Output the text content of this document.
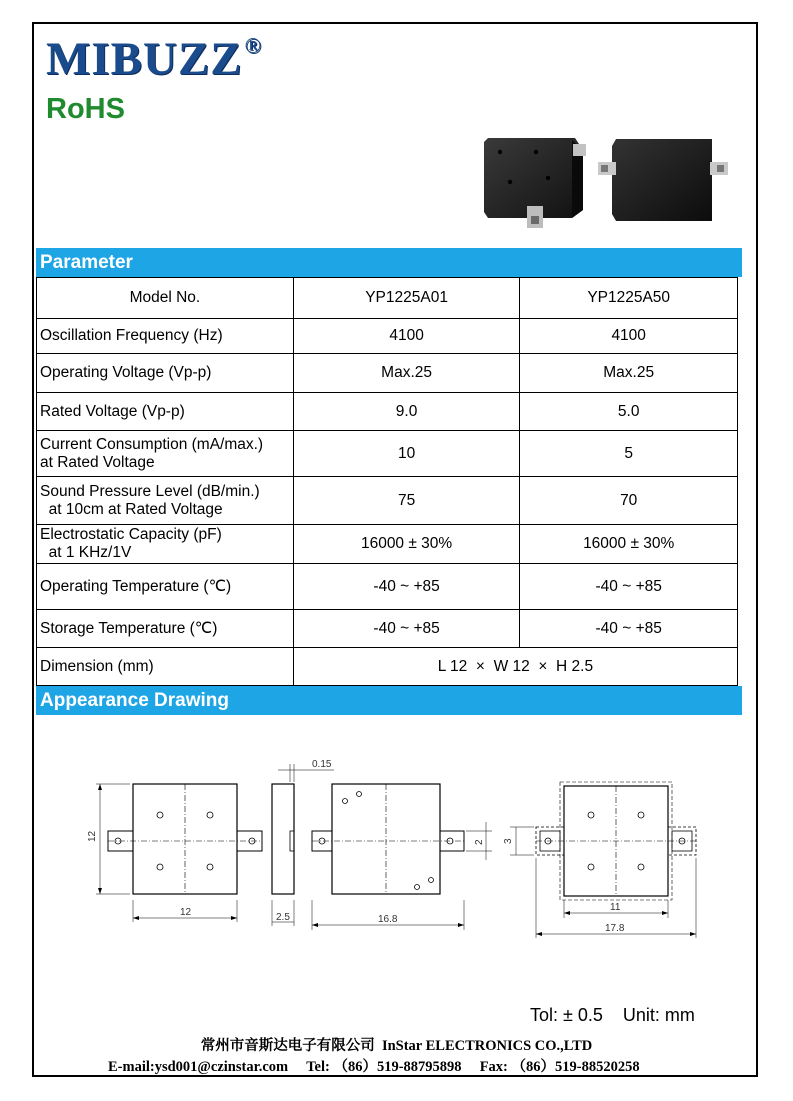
MIBUZZ®
RoHS
Parameter
Model No.	YP1225A01	YP1225A50
Oscillation Frequency (Hz)	4100	4100
Operating Voltage (Vp-p)	Max.25	Max.25
Rated Voltage (Vp-p)	9.0	5.0

Current Consumption (mA/max.)
at Rated Voltage	10	5

Sound Pressure Level (dB/min.)
at 10cm at Rated Voltage	75	70

Electrostatic Capacity (pF)
at 1 KHz/1V	16000 ± 30%	16000 ± 30%
Operating Temperature (℃)	-40 ~ +85	-40 ~ +85
Storage Temperature (℃)	-40 ~ +85	-40 ~ +85
Dimension (mm)	L 12  ×  W 12  ×  H 2.5	
Appearance Drawing
12
12
2.5
0.15
16.8
2
11
17.8
3
Tol: ± 0.5    Unit: mm
常州市音斯达电子有限公司  InStar ELECTRONICS CO.,LTD
E-mail:ysd001@czinstar.com Tel: （86）519-88795898 Fax: （86）519-88520258
